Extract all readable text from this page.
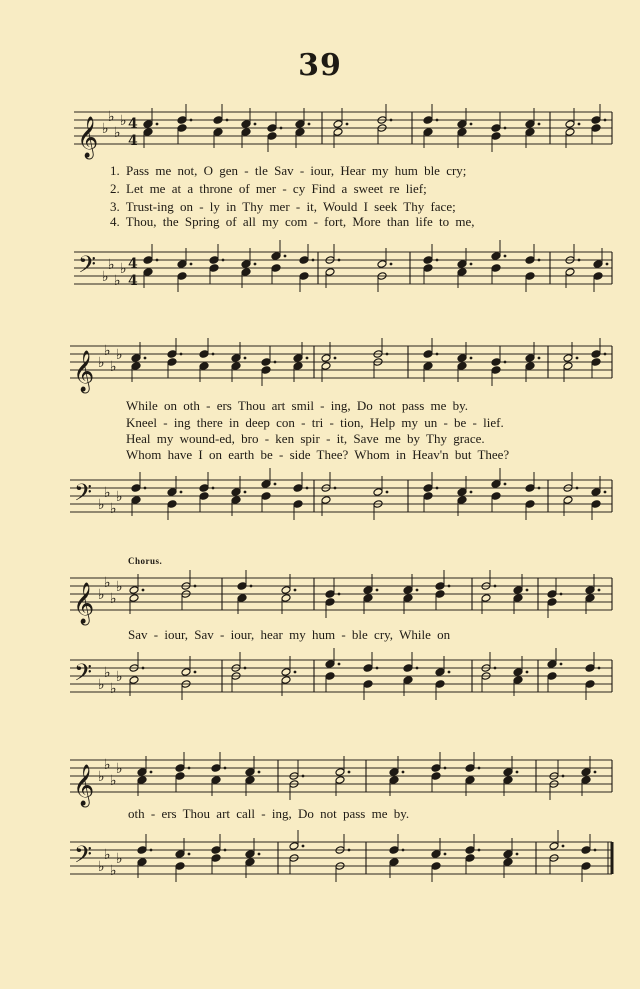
39
𝄞 ♭
♭
♭
♭ 4
4
1. Pass me not, O gen - tle Sav - iour, Hear my hum ble cry;
2. Let me at a throne of mer - cy Find a sweet re lief;
3. Trust-ing on - ly in Thy mer - it, Would I seek Thy face;
4. Thou, the Spring of all my com - fort, More than life to me,
𝄢 ♭
♭
♭
♭ 4
4
𝄞 ♭
♭
♭
♭
While on oth - ers Thou art smil - ing, Do not pass me by.
Kneel - ing there in deep con - tri - tion, Help my un - be - lief.
Heal my wound-ed, bro - ken spir - it, Save me by Thy grace.
Whom have I on earth be - side Thee? Whom in Heav'n but Thee?
𝄢 ♭
♭
♭
♭
Chorus.
𝄞 ♭
♭
♭
♭
Sav - iour, Sav - iour, hear my hum - ble cry, While on
𝄢 ♭
♭
♭
♭
𝄞 ♭
♭
♭
♭
oth - ers Thou art call - ing, Do not pass me by.
𝄢 ♭
♭
♭
♭
